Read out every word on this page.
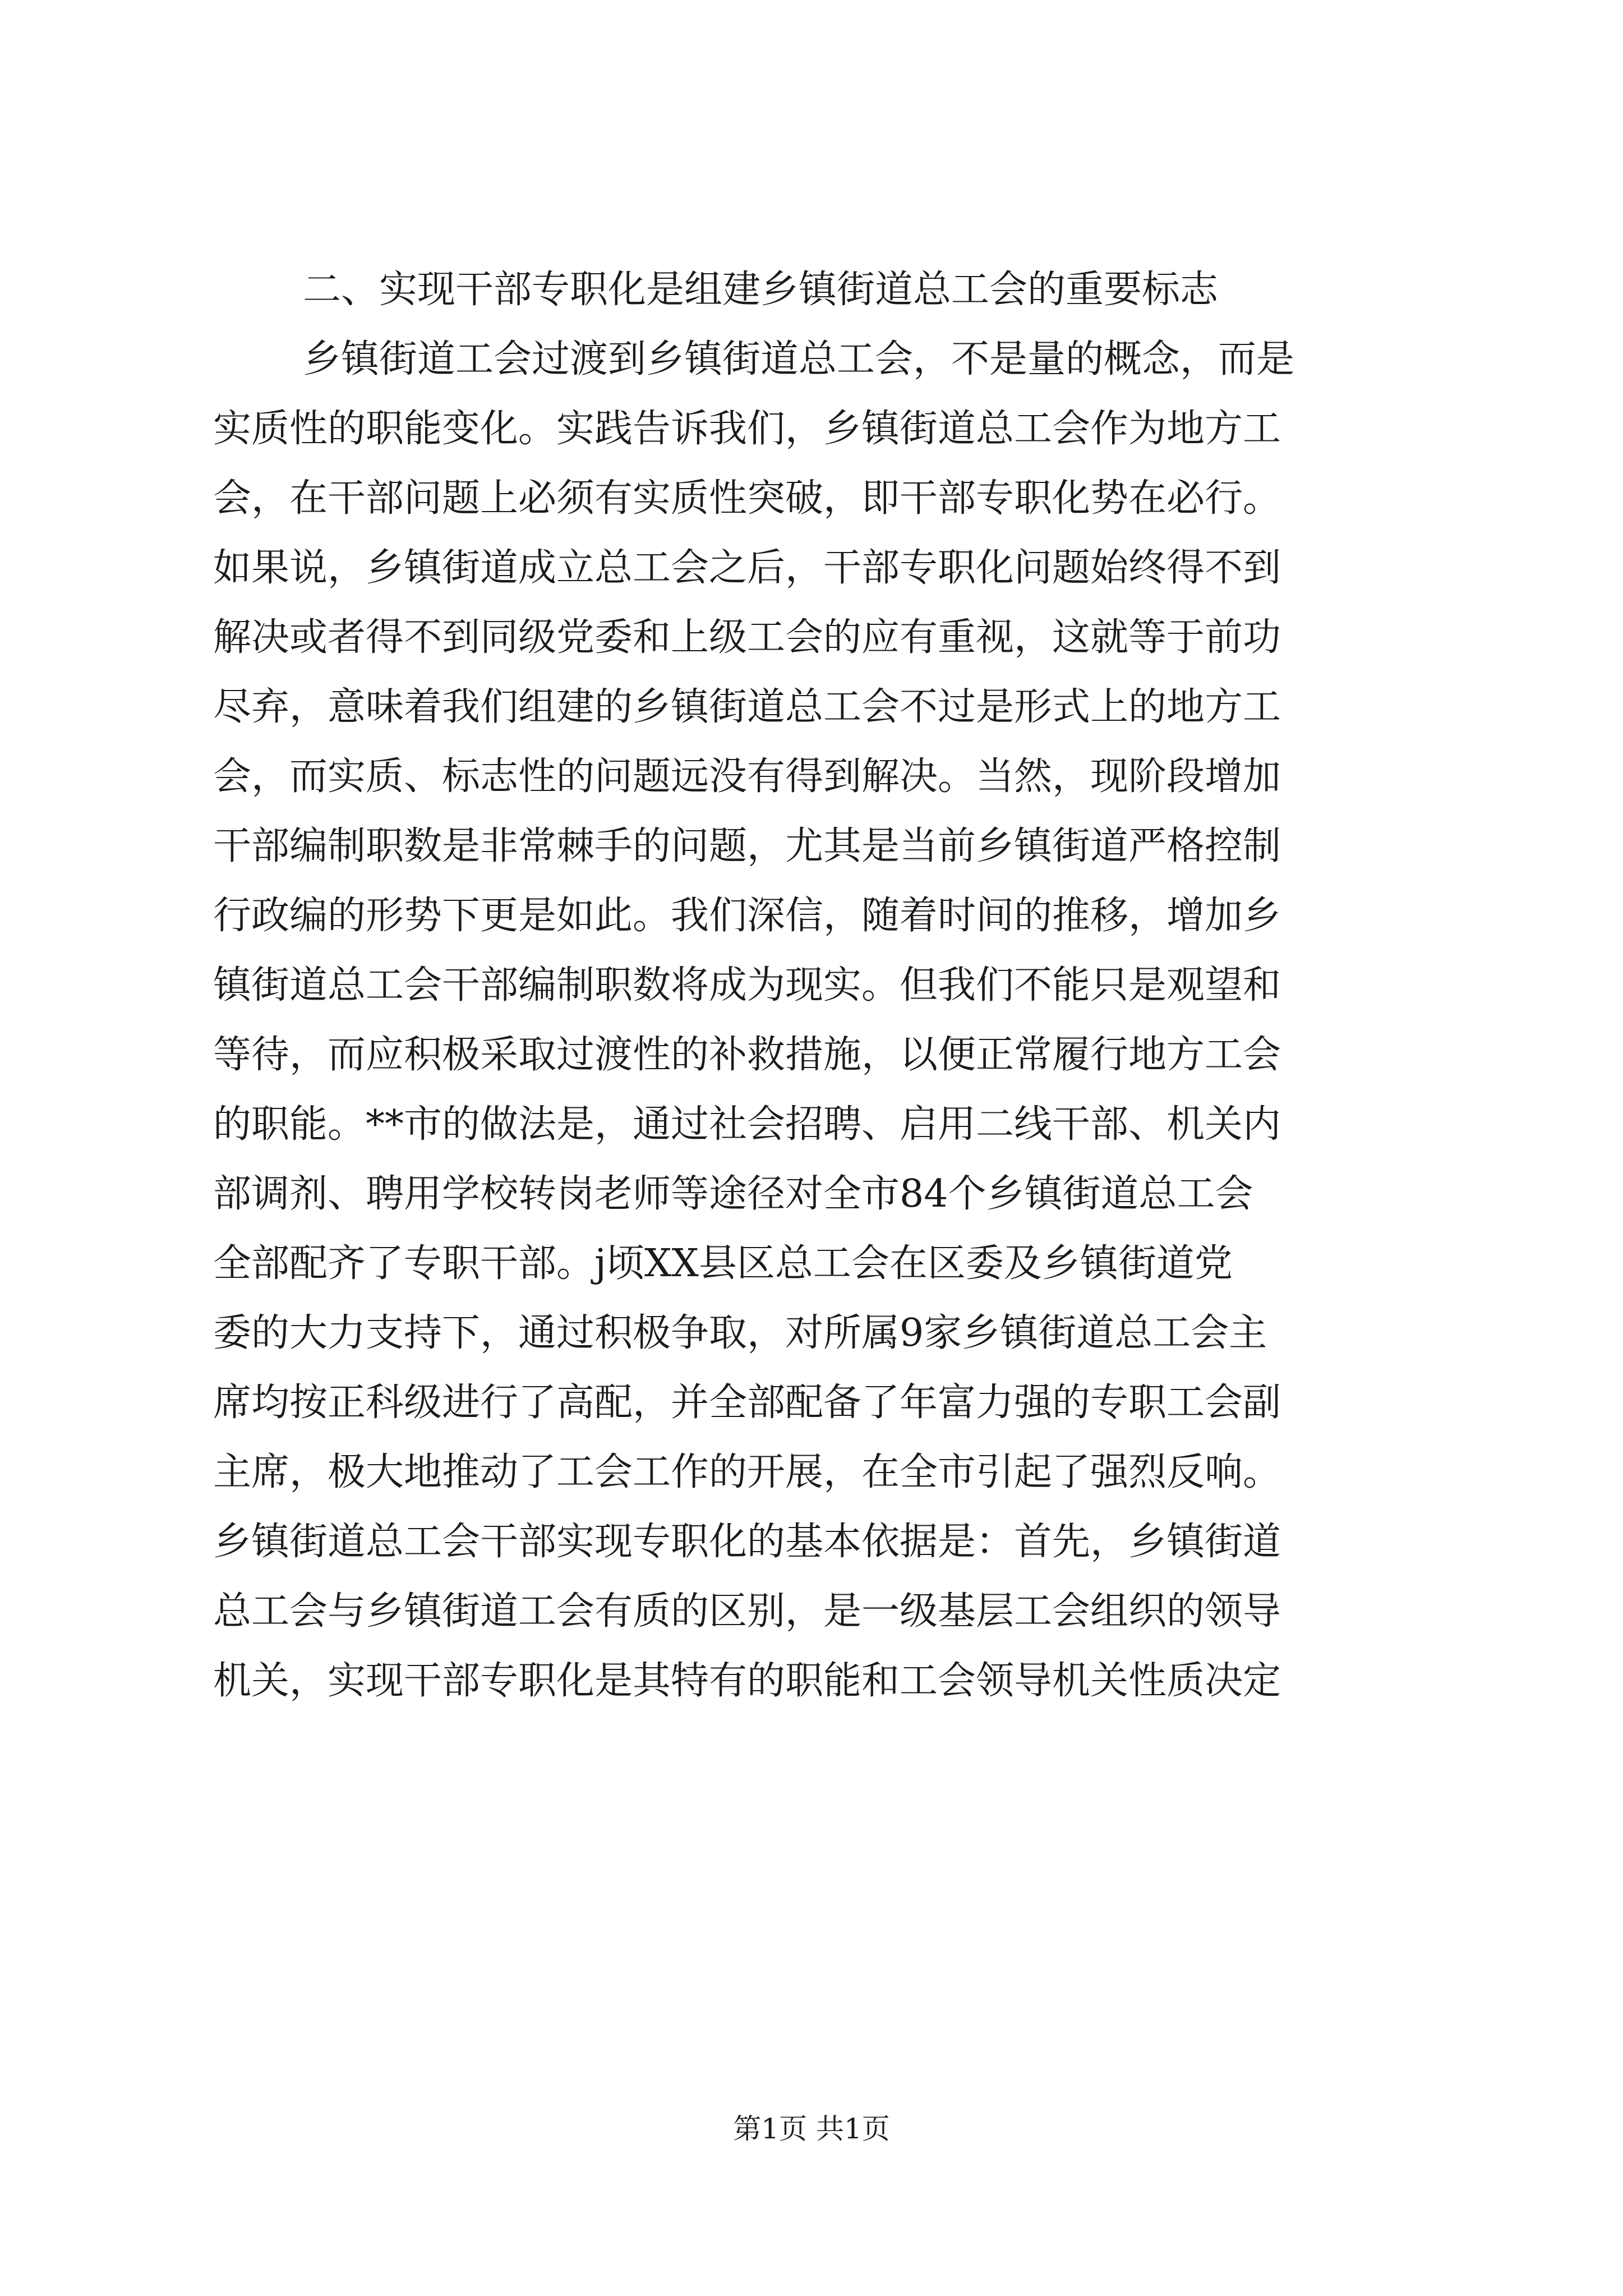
二、实现干部专职化是组建乡镇街道总工会的重要标志

乡镇街道工会过渡到乡镇街道总工会，不是量的概念，而是

实质性的职能变化。实践告诉我们，乡镇街道总工会作为地方工

会，在干部问题上必须有实质性突破，即干部专职化势在必行。

如果说，乡镇街道成立总工会之后，干部专职化问题始终得不到

解决或者得不到同级党委和上级工会的应有重视，这就等于前功

尽弃，意味着我们组建的乡镇街道总工会不过是形式上的地方工

会，而实质、标志性的问题远没有得到解决。当然，现阶段增加

干部编制职数是非常棘手的问题，尤其是当前乡镇街道严格控制

行政编的形势下更是如此。我们深信，随着时间的推移，增加乡

镇街道总工会干部编制职数将成为现实。但我们不能只是观望和

等待，而应积极采取过渡性的补救措施，以便正常履行地方工会

的职能。**市的做法是，通过社会招聘、启用二线干部、机关内

部调剂、聘用学校转岗老师等途径对全市84个乡镇街道总工会

全部配齐了专职干部。j顷XX县区总工会在区委及乡镇街道党

委的大力支持下，通过积极争取，对所属9家乡镇街道总工会主

席均按正科级进行了高配，并全部配备了年富力强的专职工会副

主席，极大地推动了工会工作的开展，在全市引起了强烈反响。

乡镇街道总工会干部实现专职化的基本依据是：首先，乡镇街道

总工会与乡镇街道工会有质的区别，是一级基层工会组织的领导

机关，实现干部专职化是其特有的职能和工会领导机关性质决定

第1页 共1页
